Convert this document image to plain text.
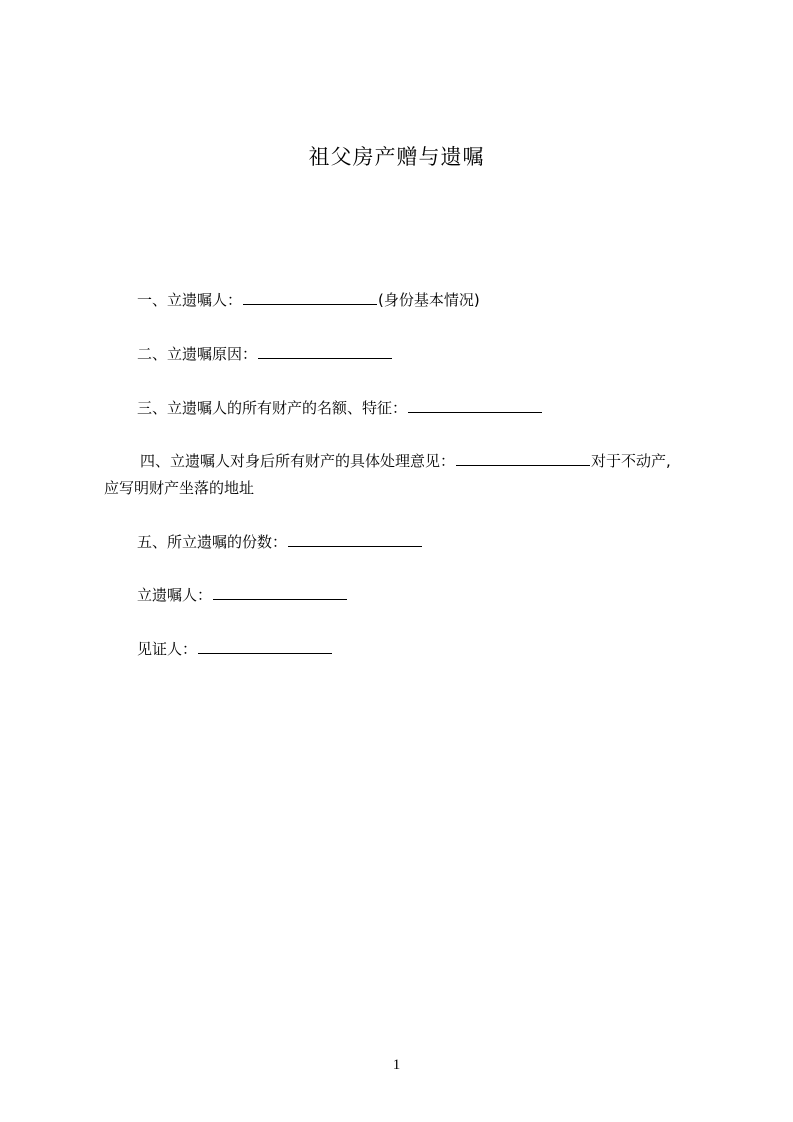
祖父房产赠与遗嘱
一、立遗嘱人：	(身份基本情况)
二、立遗嘱原因：
三、立遗嘱人的所有财产的名额、特征：
四、立遗嘱人对身后所有财产的具体处理意见：	对于不动产,
应写明财产坐落的地址
五、所立遗嘱的份数：
立遗嘱人：
见证人：
1
